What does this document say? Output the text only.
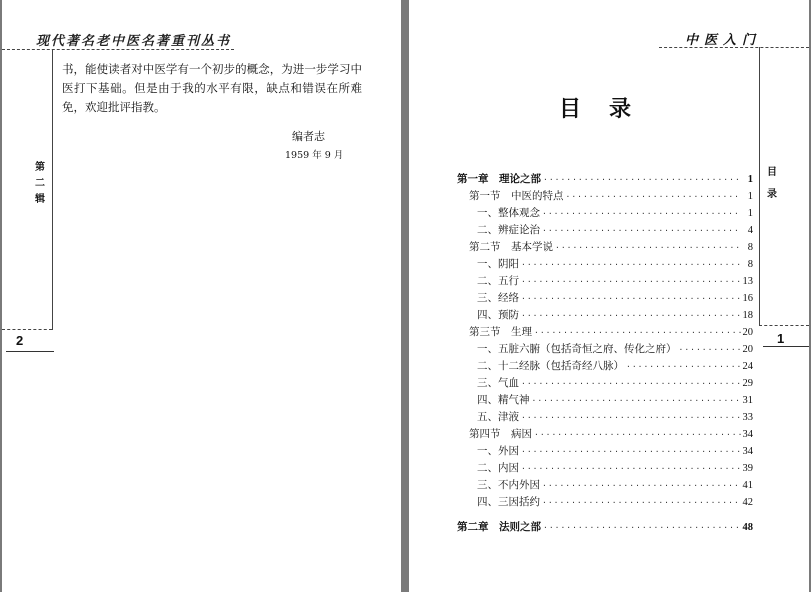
现代著名老中医名著重刊丛书
第二辑
2
书，能使读者对中医学有一个初步的概念，为进一步学习中医打下基础。但是由于我的水平有限，缺点和错误在所难免，欢迎批评指教。
编者志
1959 年 9 月
中医入门
目录
1
目录
第一章　理论之部 ·····	1
第一节　中医的特点 ·····	1
一、整体观念 ·····	1
二、辨症论治 ·····	4
第二节　基本学说 ·····	8
一、阴阳 ·····	8
二、五行 ·····	13
三、经络 ·····	16
四、预防 ·····	18
第三节　生理 ·····	20
一、五脏六腑（包括奇恒之府、传化之府） ·····	20
二、十二经脉（包括奇经八脉） ·····	24
三、气血 ·····	29
四、精气神 ·····	31
五、津液 ·····	33
第四节　病因 ·····	34
一、外因 ·····	34
二、内因 ·····	39
三、不内外因 ·····	41
四、三因括约 ·····	42
第二章　法则之部 ·····	48
